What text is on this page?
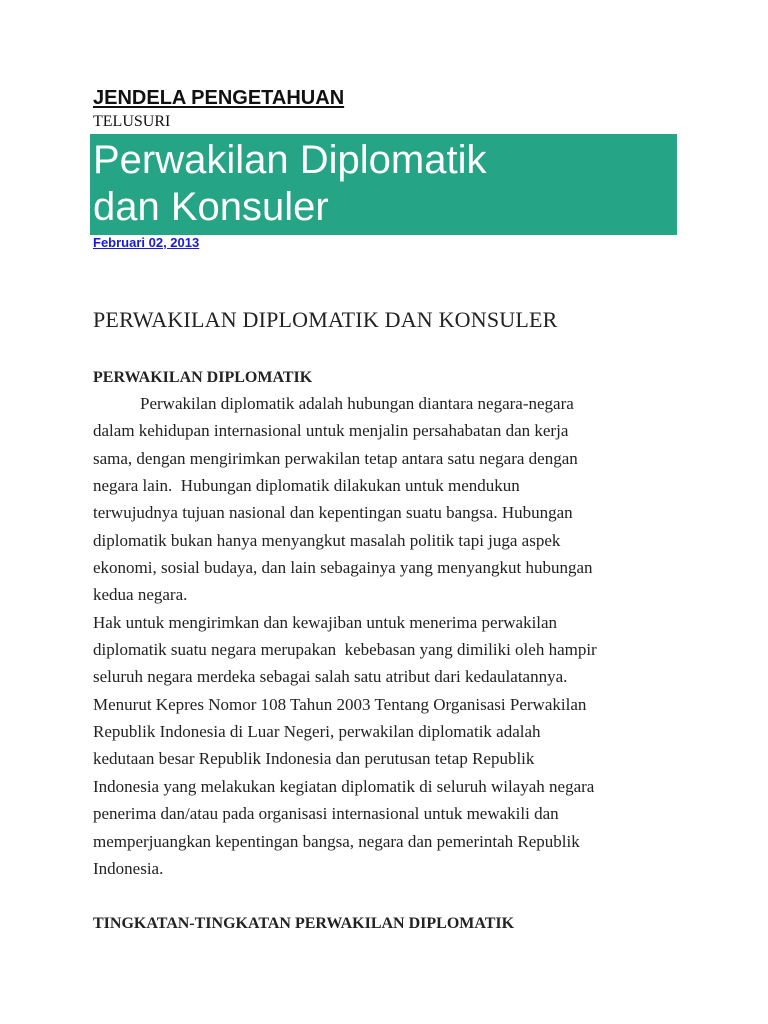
JENDELA PENGETAHUAN
TELUSURI
Perwakilan Diplomatik
dan Konsuler
Februari 02, 2013
PERWAKILAN DIPLOMATIK DAN KONSULER
PERWAKILAN DIPLOMATIK
Perwakilan diplomatik adalah hubungan diantara negara-negara
dalam kehidupan internasional untuk menjalin persahabatan dan kerja
sama, dengan mengirimkan perwakilan tetap antara satu negara dengan
negara lain.  Hubungan diplomatik dilakukan untuk mendukun
terwujudnya tujuan nasional dan kepentingan suatu bangsa. Hubungan
diplomatik bukan hanya menyangkut masalah politik tapi juga aspek
ekonomi, sosial budaya, dan lain sebagainya yang menyangkut hubungan
kedua negara.
Hak untuk mengirimkan dan kewajiban untuk menerima perwakilan
diplomatik suatu negara merupakan  kebebasan yang dimiliki oleh hampir
seluruh negara merdeka sebagai salah satu atribut dari kedaulatannya.
Menurut Kepres Nomor 108 Tahun 2003 Tentang Organisasi Perwakilan
Republik Indonesia di Luar Negeri, perwakilan diplomatik adalah
kedutaan besar Republik Indonesia dan perutusan tetap Republik
Indonesia yang melakukan kegiatan diplomatik di seluruh wilayah negara
penerima dan/atau pada organisasi internasional untuk mewakili dan
memperjuangkan kepentingan bangsa, negara dan pemerintah Republik
Indonesia.
TINGKATAN-TINGKATAN PERWAKILAN DIPLOMATIK
